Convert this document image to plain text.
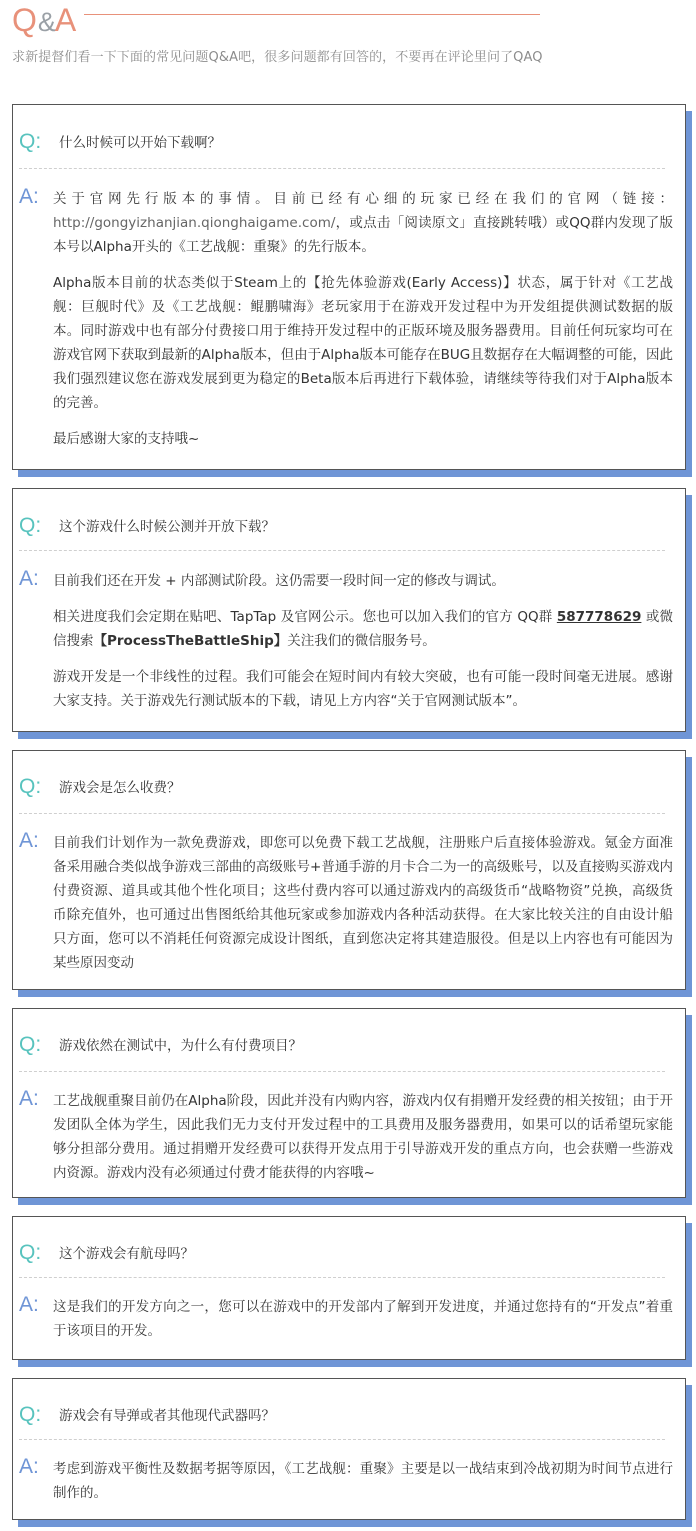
Q&A
求新提督们看一下下面的常见问题Q&A吧，很多问题都有回答的，不要再在评论里问了QAQ
Q: 什么时候可以开始下载啊？
A: 关于官网先行版本的事情。目前已经有心细的玩家已经在我们的官网（链接：http://gongyizhanjian.qionghaigame.com/，或点击「阅读原文」直接跳转哦）或QQ群内发现了版本号以Alpha开头的《工艺战舰：重聚》的先行版本。

Alpha版本目前的状态类似于Steam上的【抢先体验游戏(Early Access)】状态，属于针对《工艺战舰：巨舰时代》及《工艺战舰：鲲鹏啸海》老玩家用于在游戏开发过程中为开发组提供测试数据的版本。同时游戏中也有部分付费接口用于维持开发过程中的正版环境及服务器费用。目前任何玩家均可在游戏官网下获取到最新的Alpha版本，但由于Alpha版本可能存在BUG且数据存在大幅调整的可能，因此我们强烈建议您在游戏发展到更为稳定的Beta版本后再进行下载体验，请继续等待我们对于Alpha版本的完善。

最后感谢大家的支持哦~

Q: 这个游戏什么时候公测并开放下载？
A: 目前我们还在开发 + 内部测试阶段。这仍需要一段时间一定的修改与调试。

相关进度我们会定期在贴吧、TapTap 及官网公示。您也可以加入我们的官方 QQ群 587778629 或微信搜索【ProcessTheBattleShip】关注我们的微信服务号。

游戏开发是一个非线性的过程。我们可能会在短时间内有较大突破，也有可能一段时间毫无进展。感谢大家支持。关于游戏先行测试版本的下载，请见上方内容“关于官网测试版本”。

Q: 游戏会是怎么收费？
A: 目前我们计划作为一款免费游戏，即您可以免费下载工艺战舰，注册账户后直接体验游戏。氪金方面准备采用融合类似战争游戏三部曲的高级账号+普通手游的月卡合二为一的高级账号，以及直接购买游戏内付费资源、道具或其他个性化项目；这些付费内容可以通过游戏内的高级货币“战略物资”兑换，高级货币除充值外，也可通过出售图纸给其他玩家或参加游戏内各种活动获得。在大家比较关注的自由设计船只方面，您可以不消耗任何资源完成设计图纸，直到您决定将其建造服役。但是以上内容也有可能因为某些原因变动

Q: 游戏依然在测试中，为什么有付费项目？
A: 工艺战舰重聚目前仍在Alpha阶段，因此并没有内购内容，游戏内仅有捐赠开发经费的相关按钮；由于开发团队全体为学生，因此我们无力支付开发过程中的工具费用及服务器费用，如果可以的话希望玩家能够分担部分费用。通过捐赠开发经费可以获得开发点用于引导游戏开发的重点方向，也会获赠一些游戏内资源。游戏内没有必须通过付费才能获得的内容哦~

Q: 这个游戏会有航母吗？
A: 这是我们的开发方向之一，您可以在游戏中的开发部内了解到开发进度，并通过您持有的“开发点”着重于该项目的开发。

Q: 游戏会有导弹或者其他现代武器吗？
A: 考虑到游戏平衡性及数据考据等原因，《工艺战舰：重聚》主要是以一战结束到冷战初期为时间节点进行制作的。
